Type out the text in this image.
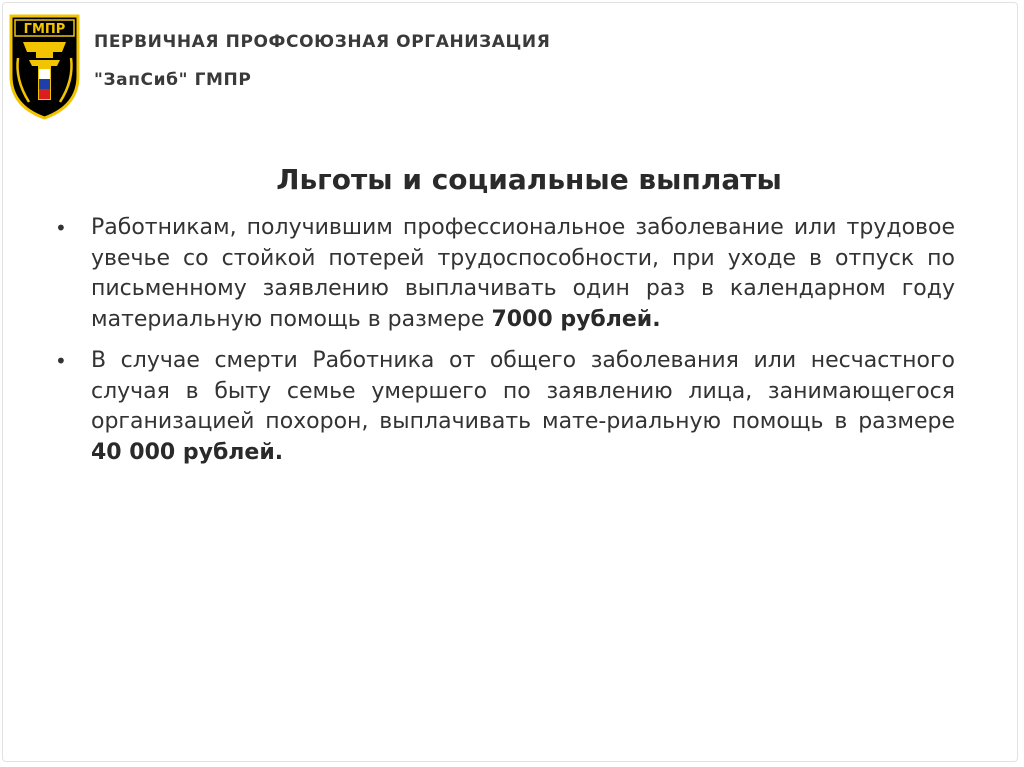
ГМПР
ПЕРВИЧНАЯ ПРОФСОЮЗНАЯ ОРГАНИЗАЦИЯ
"ЗапСиб" ГМПР
Льготы и социальные выплаты
• Работникам, получившим профессиональное заболевание или трудовое увечье со стойкой потерей трудоспособности, при уходе в отпуск по письменному заявлению выплачивать один раз в календарном году материальную помощь в размере 7000 рублей.
• В случае смерти Работника от общего заболевания или несчастного случая в быту семье умершего по заявлению лица, занимающегося организацией похорон, выплачивать мате-риальную помощь в размере 40 000 рублей.
